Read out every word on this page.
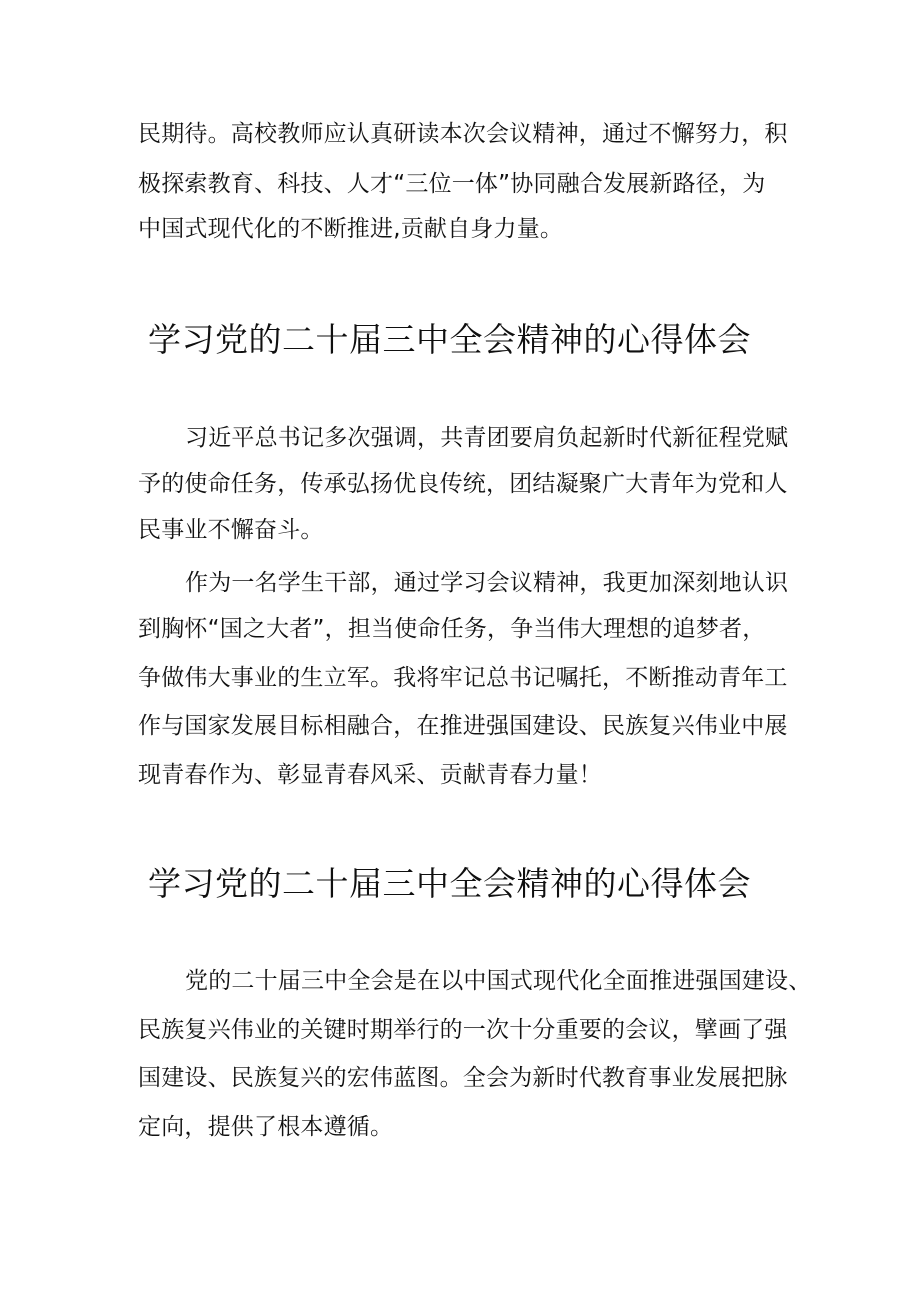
民期待。高校教师应认真研读本次会议精神，通过不懈努力，积
极探索教育、科技、人才“三位一体”协同融合发展新路径，为
中国式现代化的不断推进,贡献自身力量。
学习党的二十届三中全会精神的心得体会
习近平总书记多次强调，共青团要肩负起新时代新征程党赋
予的使命任务，传承弘扬优良传统，团结凝聚广大青年为党和人
民事业不懈奋斗。
作为一名学生干部，通过学习会议精神，我更加深刻地认识
到胸怀“国之大者”，担当使命任务，争当伟大理想的追梦者，
争做伟大事业的生立军。我将牢记总书记嘱托，不断推动青年工
作与国家发展目标相融合，在推进强国建设、民族复兴伟业中展
现青春作为、彰显青春风采、贡献青春力量！
学习党的二十届三中全会精神的心得体会
党的二十届三中全会是在以中国式现代化全面推进强国建设、
民族复兴伟业的关键时期举行的一次十分重要的会议，擘画了强
国建设、民族复兴的宏伟蓝图。全会为新时代教育事业发展把脉
定向，提供了根本遵循。
